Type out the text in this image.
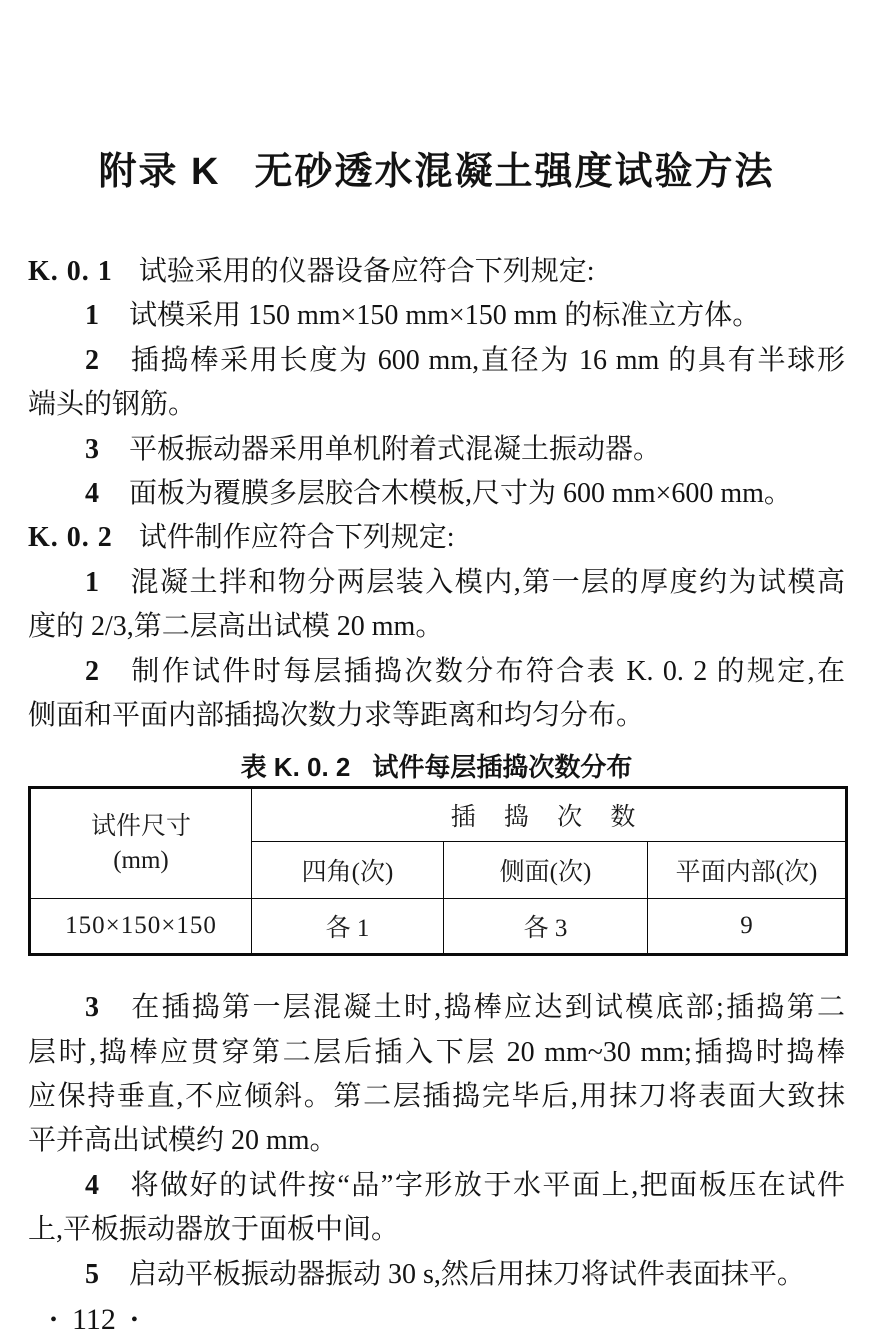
附录 K 无砂透水混凝土强度试验方法
K. 0. 1 试验采用的仪器设备应符合下列规定:
1 试模采用 150 mm×150 mm×150 mm 的标准立方体。
2 插捣棒采用长度为 600 mm,直径为 16 mm 的具有半球形
端头的钢筋。
3 平板振动器采用单机附着式混凝土振动器。
4 面板为覆膜多层胶合木模板,尺寸为 600 mm×600 mm。
K. 0. 2 试件制作应符合下列规定:
1 混凝土拌和物分两层装入模内,第一层的厚度约为试模高
度的 2/3,第二层高出试模 20 mm。
2 制作试件时每层插捣次数分布符合表 K. 0. 2 的规定,在
侧面和平面内部插捣次数力求等距离和均匀分布。
表 K. 0. 2 试件每层插捣次数分布
试件尺寸
(mm)	插 捣 次 数		
	四角(次)	侧面(次)	平面内部(次)
150×150×150	各 1	各 3	9
3 在插捣第一层混凝土时,捣棒应达到试模底部;插捣第二
层时,捣棒应贯穿第二层后插入下层 20 mm~30 mm;插捣时捣棒
应保持垂直,不应倾斜。第二层插捣完毕后,用抹刀将表面大致抹
平并高出试模约 20 mm。
4 将做好的试件按“品”字形放于水平面上,把面板压在试件
上,平板振动器放于面板中间。
5 启动平板振动器振动 30 s,然后用抹刀将试件表面抹平。
• 112 •
